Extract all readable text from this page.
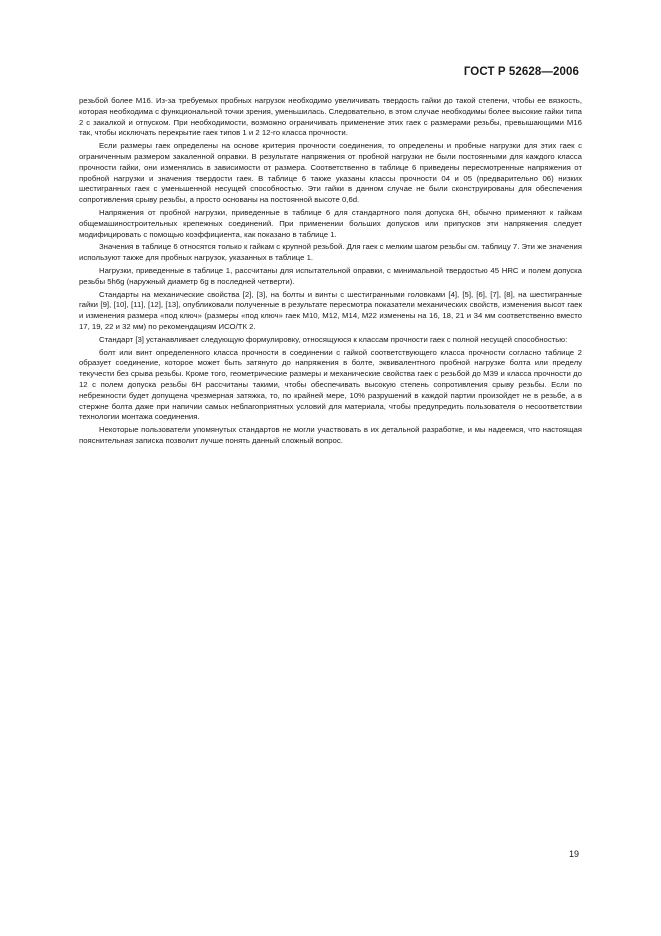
ГОСТ Р 52628—2006

резьбой более М16. Из-за требуемых пробных нагрузок необходимо увеличивать твердость гайки до такой степени, чтобы ее вязкость, которая необходима с функциональной точки зрения, уменьшилась. Следовательно, в этом случае необходимы более высокие гайки типа 2 с закалкой и отпуском. При необходимости, возможно ограничивать применение этих гаек с размерами резьбы, превышающими М16 так, чтобы исключать перекрытие гаек типов 1 и 2 12-го класса прочности.

Если размеры гаек определены на основе критерия прочности соединения, то определены и пробные нагрузки для этих гаек с ограниченным размером закаленной оправки. В результате напряжения от пробной нагрузки не были постоянными для каждого класса прочности гайки, они изменялись в зависимости от размера. Соответственно в таблице 6 приведены пересмотренные напряжения от пробной нагрузки и значения твердости гаек. В таблице 6 также указаны классы прочности 04 и 05 (предварительно 06) низких шестигранных гаек с уменьшенной несущей способностью. Эти гайки в данном случае не были сконструированы для обеспечения сопротивления срыву резьбы, а просто основаны на постоянной высоте 0,6d.

Напряжения от пробной нагрузки, приведенные в таблице 6 для стандартного поля допуска 6Н, обычно применяют к гайкам общемашиностроительных крепежных соединений. При применении больших допусков или припусков эти напряжения следует модифицировать с помощью коэффициента, как показано в таблице 1.

Значения в таблице 6 относятся только к гайкам с крупной резьбой. Для гаек с мелким шагом резьбы см. таблицу 7. Эти же значения используют также для пробных нагрузок, указанных в таблице 1.

Нагрузки, приведенные в таблице 1, рассчитаны для испытательной оправки, с минимальной твердостью 45 HRC и полем допуска резьбы 5h6g (наружный диаметр 6g в последней четверти).

Стандарты на механические свойства [2], [3], на болты и винты с шестигранными головками [4], [5], [6], [7], [8], на шестигранные гайки [9], [10], [11], [12], [13], опубликовали полученные в результате пересмотра показатели механических свойств, изменения высот гаек и изменения размера «под ключ» (размеры «под ключ» гаек М10, М12, М14, М22 изменены на 16, 18, 21 и 34 мм соответственно вместо 17, 19, 22 и 32 мм) по рекомендациям ИСО/ТК 2.

Стандарт [3] устанавливает следующую формулировку, относящуюся к классам прочности гаек с полной несущей способностью:

болт или винт определенного класса прочности в соединении с гайкой соответствующего класса прочности согласно таблице 2 образует соединение, которое может быть затянуто до напряжения в болте, эквивалентного пробной нагрузке болта или пределу текучести без срыва резьбы. Кроме того, геометрические размеры и механические свойства гаек с резьбой до М39 и класса прочности до 12 с полем допуска резьбы 6Н рассчитаны такими, чтобы обеспечивать высокую степень сопротивления срыву резьбы. Если по небрежности будет допущена чрезмерная затяжка, то, по крайней мере, 10% разрушений в каждой партии произойдет не в резьбе, а в стержне болта даже при напичии самых неблагоприятных условий для материала, чтобы предупредить пользователя о несоответствии технологии монтажа соединения.

Некоторые пользователи упомянутых стандартов не могли участвовать в их детальной разработке, и мы надеемся, что настоящая пояснительная записка позволит лучше понять данный сложный вопрос.

19
